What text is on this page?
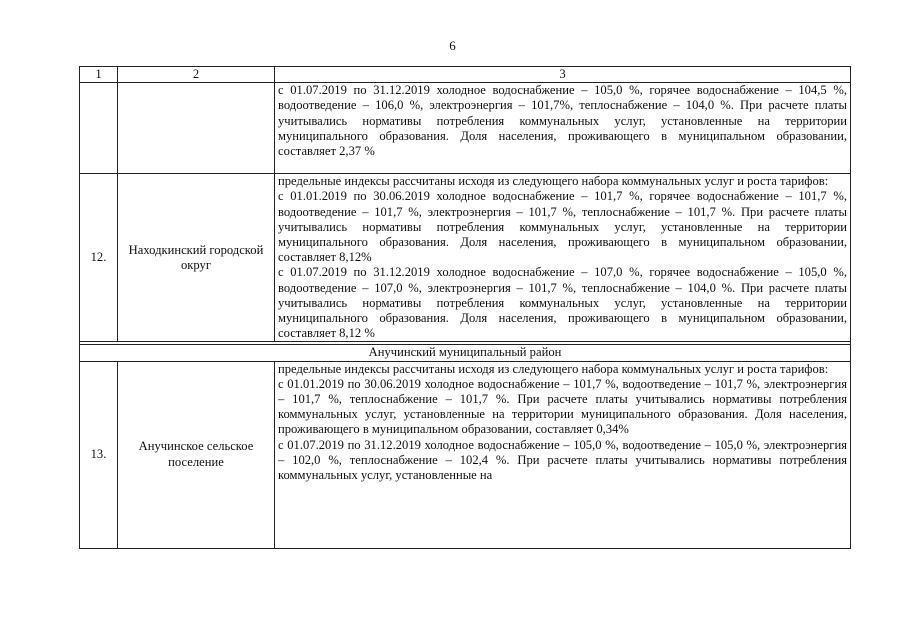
6
1	2	3

		с 01.07.2019 по 31.12.2019 холодное водоснабжение – 105,0 %, горячее водоснабжение – 104,5 %, водоотведение – 106,0 %, электроэнергия – 101,7%, теплоснабжение – 104,0 %. При расчете платы учитывались нормативы потребления коммунальных услуг, установленные на территории муниципального образования. Доля населения, проживающего в муниципальном образовании, составляет 2,37 %

12.	Находкинский городской округ	предельные индексы рассчитаны исходя из следующего набора коммунальных услуг и роста тарифов:

с 01.01.2019 по 30.06.2019 холодное водоснабжение – 101,7 %, горячее водоснабжение – 101,7 %, водоотведение – 101,7 %, электроэнергия – 101,7 %, теплоснабжение – 101,7 %. При расчете платы учитывались нормативы потребления коммунальных услуг, установленные на территории муниципального образования. Доля населения, проживающего в муниципальном образовании, составляет 8,12%

с 01.07.2019 по 31.12.2019 холодное водоснабжение – 107,0 %, горячее водоснабжение – 105,0 %, водоотведение – 107,0 %, электроэнергия – 101,7 %, теплоснабжение – 104,0 %. При расчете платы учитывались нормативы потребления коммунальных услуг, установленные на территории муниципального образования. Доля населения, проживающего в муниципальном образовании, составляет 8,12 %

Анучинский муниципальный район		
13.	Анучинское сельское поселение	предельные индексы рассчитаны исходя из следующего набора коммунальных услуг и роста тарифов:

с 01.01.2019 по 30.06.2019 холодное водоснабжение – 101,7 %, водоотведение – 101,7 %, электроэнергия – 101,7 %, теплоснабжение – 101,7 %. При расчете платы учитывались нормативы потребления коммунальных услуг, установленные на территории муниципального образования. Доля населения, проживающего в муниципальном образовании, составляет 0,34%

с 01.07.2019 по 31.12.2019 холодное водоснабжение – 105,0 %, водоотведение – 105,0 %, электроэнергия – 102,0 %, теплоснабжение – 102,4 %. При расчете платы учитывались нормативы потребления коммунальных услуг, установленные на
